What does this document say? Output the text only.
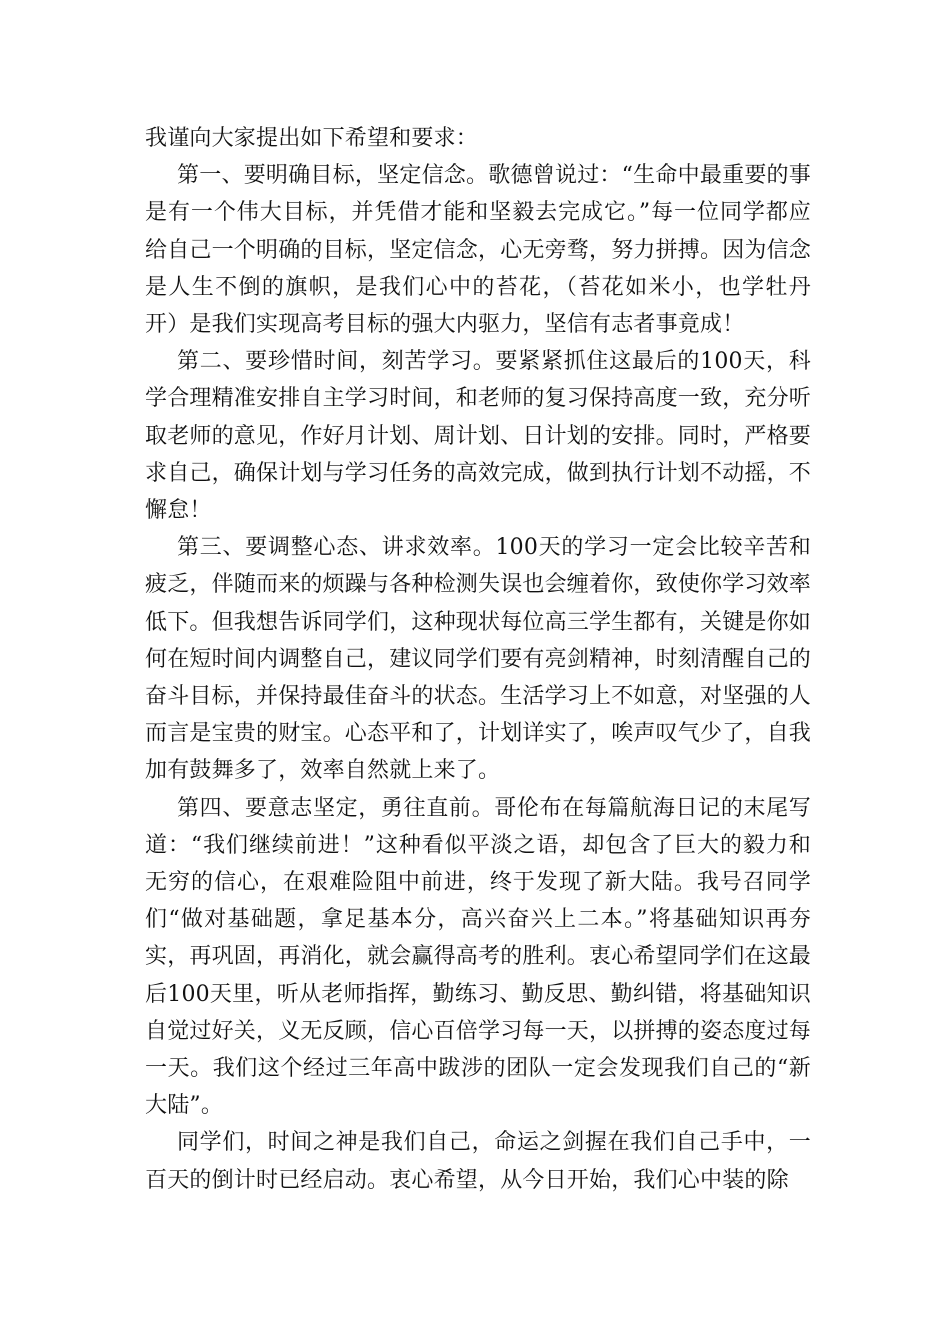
我谨向大家提出如下希望和要求：

第一、要明确目标，坚定信念。歌德曾说过：“生命中最重要的事是有一个伟大目标，并凭借才能和坚毅去完成它。”每一位同学都应给自己一个明确的目标，坚定信念，心无旁骛，努力拼搏。因为信念是人生不倒的旗帜，是我们心中的苔花，（苔花如米小，也学牡丹开）是我们实现高考目标的强大内驱力，坚信有志者事竟成！

第二、要珍惜时间，刻苦学习。要紧紧抓住这最后的100天，科学合理精准安排自主学习时间，和老师的复习保持高度一致，充分听取老师的意见，作好月计划、周计划、日计划的安排。同时，严格要求自己，确保计划与学习任务的高效完成，做到执行计划不动摇，不懈怠！

第三、要调整心态、讲求效率。100天的学习一定会比较辛苦和疲乏，伴随而来的烦躁与各种检测失误也会缠着你，致使你学习效率低下。但我想告诉同学们，这种现状每位高三学生都有，关键是你如何在短时间内调整自己，建议同学们要有亮剑精神，时刻清醒自己的奋斗目标，并保持最佳奋斗的状态。生活学习上不如意，对坚强的人而言是宝贵的财宝。心态平和了，计划详实了，唉声叹气少了，自我加有鼓舞多了，效率自然就上来了。

第四、要意志坚定，勇往直前。哥伦布在每篇航海日记的末尾写道：“我们继续前进！”这种看似平淡之语，却包含了巨大的毅力和无穷的信心，在艰难险阻中前进，终于发现了新大陆。我号召同学们“做对基础题，拿足基本分，高兴奋兴上二本。”将基础知识再夯实，再巩固，再消化，就会赢得高考的胜利。衷心希望同学们在这最后100天里，听从老师指挥，勤练习、勤反思、勤纠错，将基础知识自觉过好关，义无反顾，信心百倍学习每一天，以拼搏的姿态度过每一天。我们这个经过三年高中跋涉的团队一定会发现我们自己的“新大陆”。

同学们，时间之神是我们自己，命运之剑握在我们自己手中，一百天的倒计时已经启动。衷心希望，从今日开始，我们心中装的除
